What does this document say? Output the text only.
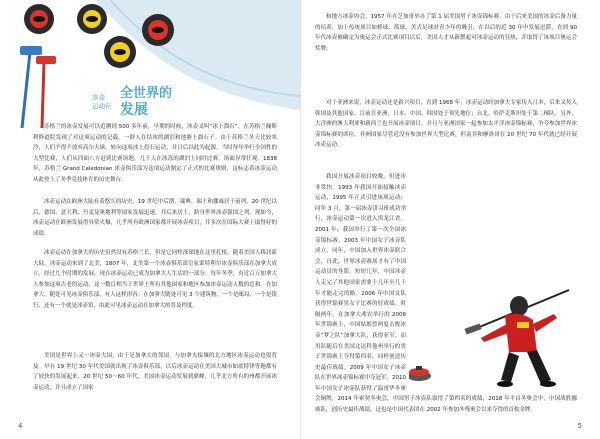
冰壶 全世界的
运动在 发展

苏格兰的冰壶发展可以追溯到 500 多年前，早期的时候，冰壶又叫“冰上溜石”，在苏格兰佩斯利修道院发现了对这项运动的记载，一群人在结冰的湖泊和池塘上溜石子。由于苏格兰冬天比较寒冷，人们不得不放弃高尔夫球，转向这项冰上投石运动，并日后以此为起源。当时每年举行全国性的大型比赛，人们从四面八方赶到比赛场地，几千人在冰冻的湖泊上同时比赛，场面异常壮观。1838 年，苏格兰 Grand Caledonian 冰壶俱乐部为这项运动制定了正式的比赛规则，这标志着冰壶运动从此登上了冬季竞技体育的历史舞台。

冰壶运动在欧洲大陆有着悠久的历史，19 世纪中后期，瑞典、瑞士和挪威居于前列，20 世纪以后，德国、意大利、丹麦及奥地利等国家发展迅速，并后来居上，跻身世界冰壶强国之列。现如今，冰壶运动在欧洲发展得异常火爆，几乎所有欧洲国家都开展冰壶项目，并多次在国际大赛上取得好的成绩。

冰壶运动在加拿大的历史虽然没有苏格兰长，但是它同样深深地在这里扎根。随着美国人移居新大陆，冰壶运动来到了北美，1807 年，北美第一个冰壶俱乐部皇家蒙特利尔冰壶俱乐部在加拿大成立，经过几个时期的发展，现在冰壶运动已成为加拿大人生活的一部分。每年冬季，有近百万加拿大人参加这项古老的运动，这一数目相当于世界上所有其他国家和地区参加冰壶运动人数的总和。在加拿大，随处可见冰壶俱乐部，有人这样形容：在加拿大随处可见 3 个建筑物，一个是邮局、一个是银行、还有一个就是冰壶馆，由此可见冰壶运动在加拿大的普及程度。

美国是世界上又一冰壶大国，由于是加拿大的邻国，与加拿大接壤的北方地区冰壶运动也很普及。早在 19 世纪 30 年代美国就出现了冰壶俱乐部，以后冰壶运动在美国大城市如底特律等地都有了较快的发展起来。20 世纪 50～60 年代，美国冰壶运动发展到鼎峰，几乎北方所有的州都开展冰壶运动，并且成立了国家

4

和地方冰壶协会。1957 年在芝加哥举办了第 1 届美国男子冰壶锦标赛，由于后来美国的冰壶后备力量的培养，加上传统项目如棒球、篮球、美式足球对青少年的吸引，在以后的近 30 年中发展迟滞，直到 90 年代冰壶被确定为奥运会正式比赛项目以后，美国人才从新燃起对冰壶运动的狂热，并取得了该项目奥运会奖牌。

对于亚洲来说，冰壶运动还是新兴项目，直到 1968 年，冰壶运动经加拿大专家传入日本，后来又传入韩国及其他国家。目前在亚洲，日本、中国、韩国处于领先地位；台北、哈萨克斯坦处于第二梯队。另外，大洋洲的澳大利亚和新西兰也开展冰壶项目，并且与亚洲国家一起参加太平洋冰壶锦标赛，争夺参加世界冰壶锦标赛的席位。非洲国家尽管近没有参加世界大型比赛，但南非和摩洛哥在 20 世纪 70 年代就已经开展冰壶运动。

我国开展冰壶项目较晚，但进步非常快。1993 年我国开始接触冰壶运动，1995 年正式引进该项运动；同年 3 月，第一届冰壶讲习班成功举行，冰壶运动第一次进入黑龙江省。2001 年，我国举行了第一次全国冰壶锦标赛，2003 年中国女子冰壶队成立，同年，中国加入世界冰壶联合会，自此，世界冰壶赛场才有了中国运动员的身影。短短几年，中国冰壶人走完了其他国家需要十几年至几十年才能走完的路。2006 年中国女队获得世锦赛男女子比赛的好成绩。时隔两年，在加拿大弗农举行的 2008 年世锦赛上，中国姑娘曾两度击败冰壶“梦之队”加拿大队，获得亚军，而男队随后在美国北达科他州举行的男子世锦赛上夺得第四名，同样创造历史最佳战绩。2009 年中国女子冰壶队在世界冰壶锦标赛中夺冠军，2010 年中国女子冰壶队获得了温哥华冬奥会铜牌，2014 年索契冬奥会，中国男子冰壶队取得了第四名的成绩，2018 年平昌冬奥会中，中国战胜挪威队，创历史最佳战绩，这也是中国代表团在 2002 年参加冬残奥会以来夺得的首枚金牌。

5
